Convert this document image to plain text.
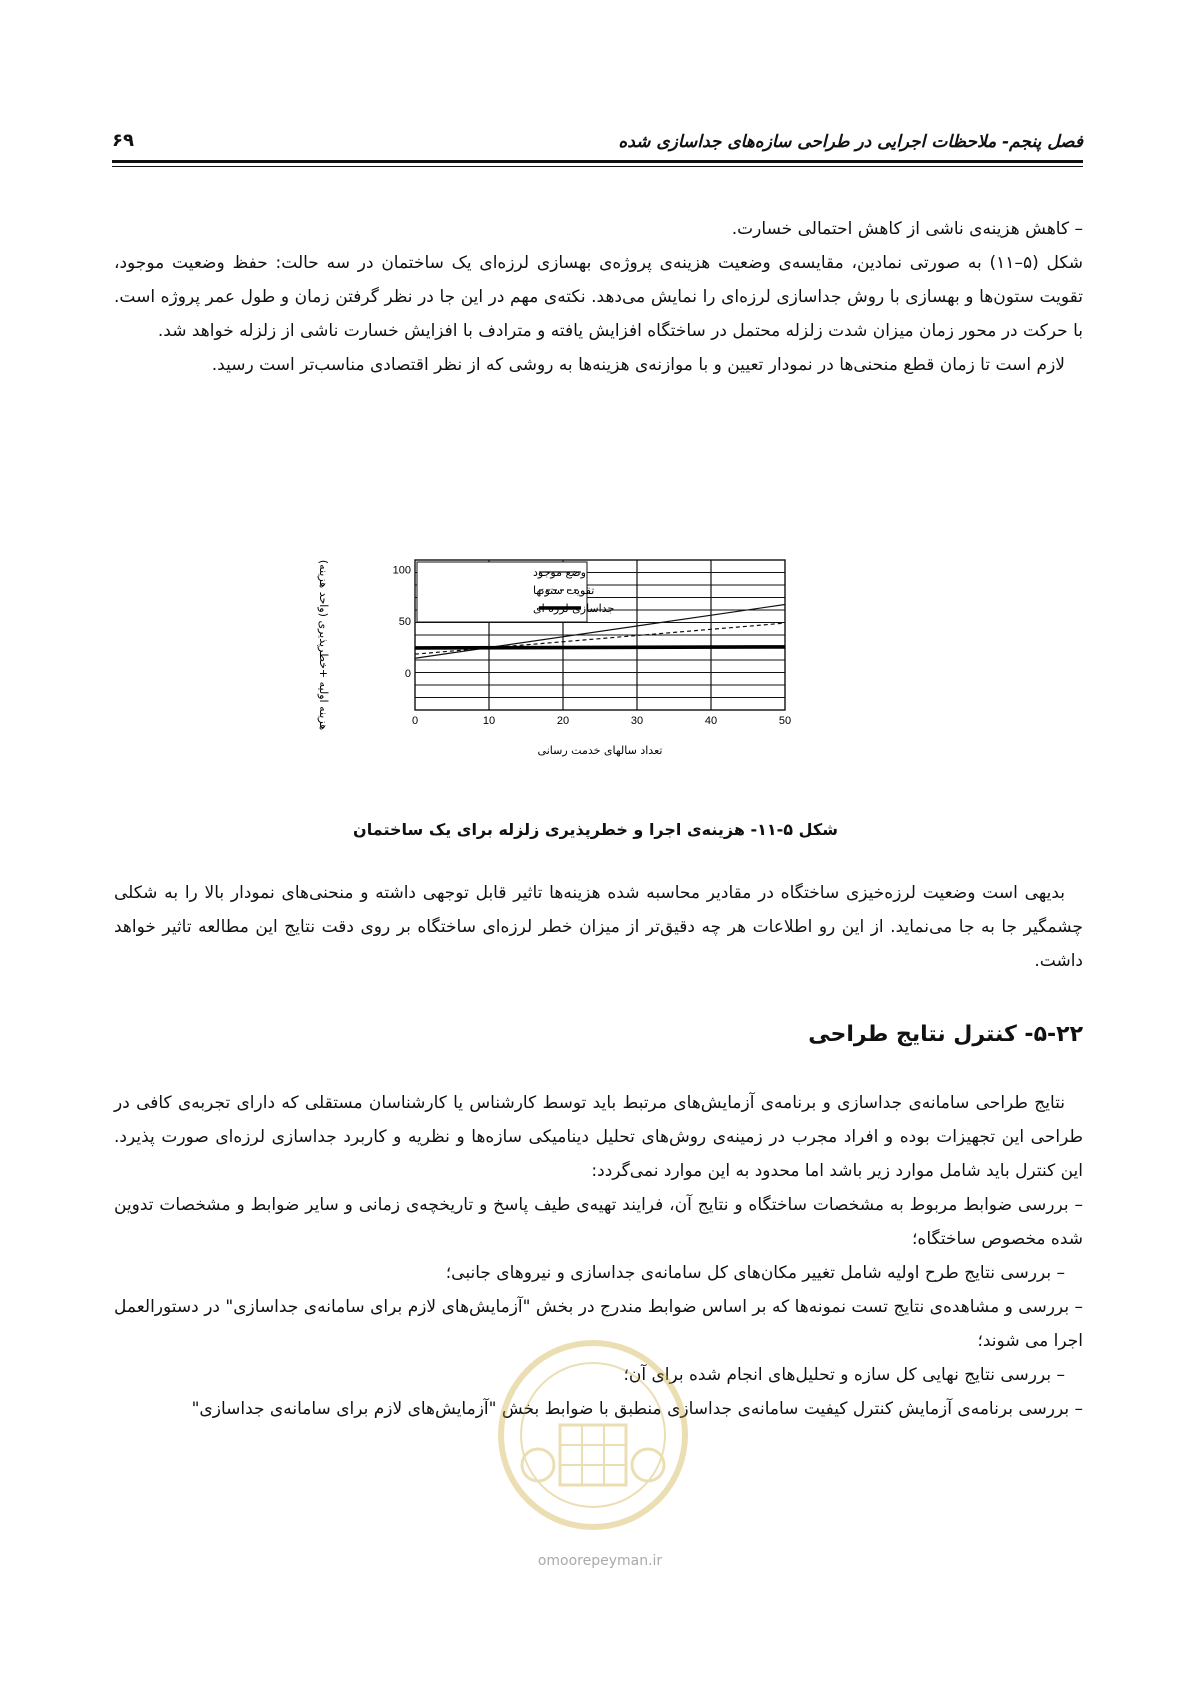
فصل پنجم- ملاحظات اجرایی در طراحی سازه‌های جداسازی شده
۶۹

– کاهش هزینه‌ی ناشی از کاهش احتمالی خسارت.

شکل (۵–۱۱) به صورتی نمادین، مقایسه‌ی وضعیت هزینه‌ی پروژه‌ی بهسازی لرزه‌ای یک ساختمان در سه حالت: حفظ وضعیت موجود، تقویت ستون‌ها و بهسازی با روش جداسازی لرزه‌ای را نمایش می‌دهد. نکته‌ی مهم در این جا در نظر گرفتن زمان و طول عمر پروژه است. با حرکت در محور زمان میزان شدت زلزله محتمل در ساختگاه افزایش یافته و مترادف با افزایش خسارت ناشی از زلزله خواهد شد.

لازم است تا زمان قطع منحنی‌ها در نمودار تعیین و با موازنه‌ی هزینه‌ها به روشی که از نظر اقتصادی مناسب‌تر است رسید.

0	10	20	30	40	50
0
50
100	وضع موجود
تقویت ستونها
جداسازی لرزه ای
تعداد سالهای خدمت رسانی
هزینه اولیه +خطرپذیری (واحد هزینه)
شکل ۵-۱۱- هزینه‌ی اجرا و خطرپذیری زلزله برای یک ساختمان

بدیهی است وضعیت لرزه‌خیزی ساختگاه در مقادیر محاسبه شده هزینه‌ها تاثیر قابل توجهی داشته و منحنی‌های نمودار بالا را به شکلی چشمگیر جا به جا می‌نماید. از این رو اطلاعات هر چه دقیق‌تر از میزان خطر لرزه‌ای ساختگاه بر روی دقت نتایج این مطالعه تاثیر خواهد داشت.

۵-۲۲- کنترل نتایج طراحی

نتایج طراحی سامانه‌ی جداسازی و برنامه‌ی آزمایش‌های مرتبط باید توسط کارشناس یا کارشناسان مستقلی که دارای تجربه‌ی کافی در طراحی این تجهیزات بوده و افراد مجرب در زمینه‌ی روش‌های تحلیل دینامیکی سازه‌ها و نظریه و کاربرد جداسازی لرزه‌ای صورت پذیرد. این کنترل باید شامل موارد زیر باشد اما محدود به این موارد نمی‌گردد:

– بررسی ضوابط مربوط به مشخصات ساختگاه و نتایج آن، فرایند تهیه‌ی طیف پاسخ و تاریخچه‌ی زمانی و سایر ضوابط و مشخصات تدوین شده مخصوص ساختگاه؛

– بررسی نتایج طرح اولیه شامل تغییر مکان‌های کل سامانه‌ی جداسازی و نیروهای جانبی؛

– بررسی و مشاهده‌ی نتایج تست نمونه‌ها که بر اساس ضوابط مندرج در بخش "آزمایش‌های لازم برای سامانه‌ی جداسازی" در دستورالعمل اجرا می شوند؛

– بررسی نتایج نهایی کل سازه و تحلیل‌های انجام شده برای آن؛

– بررسی برنامه‌ی آزمایش کنترل کیفیت سامانه‌ی جداسازی منطبق با ضوابط بخش "آزمایش‌های لازم برای سامانه‌ی جداسازی"

omoorepeyman.ir
